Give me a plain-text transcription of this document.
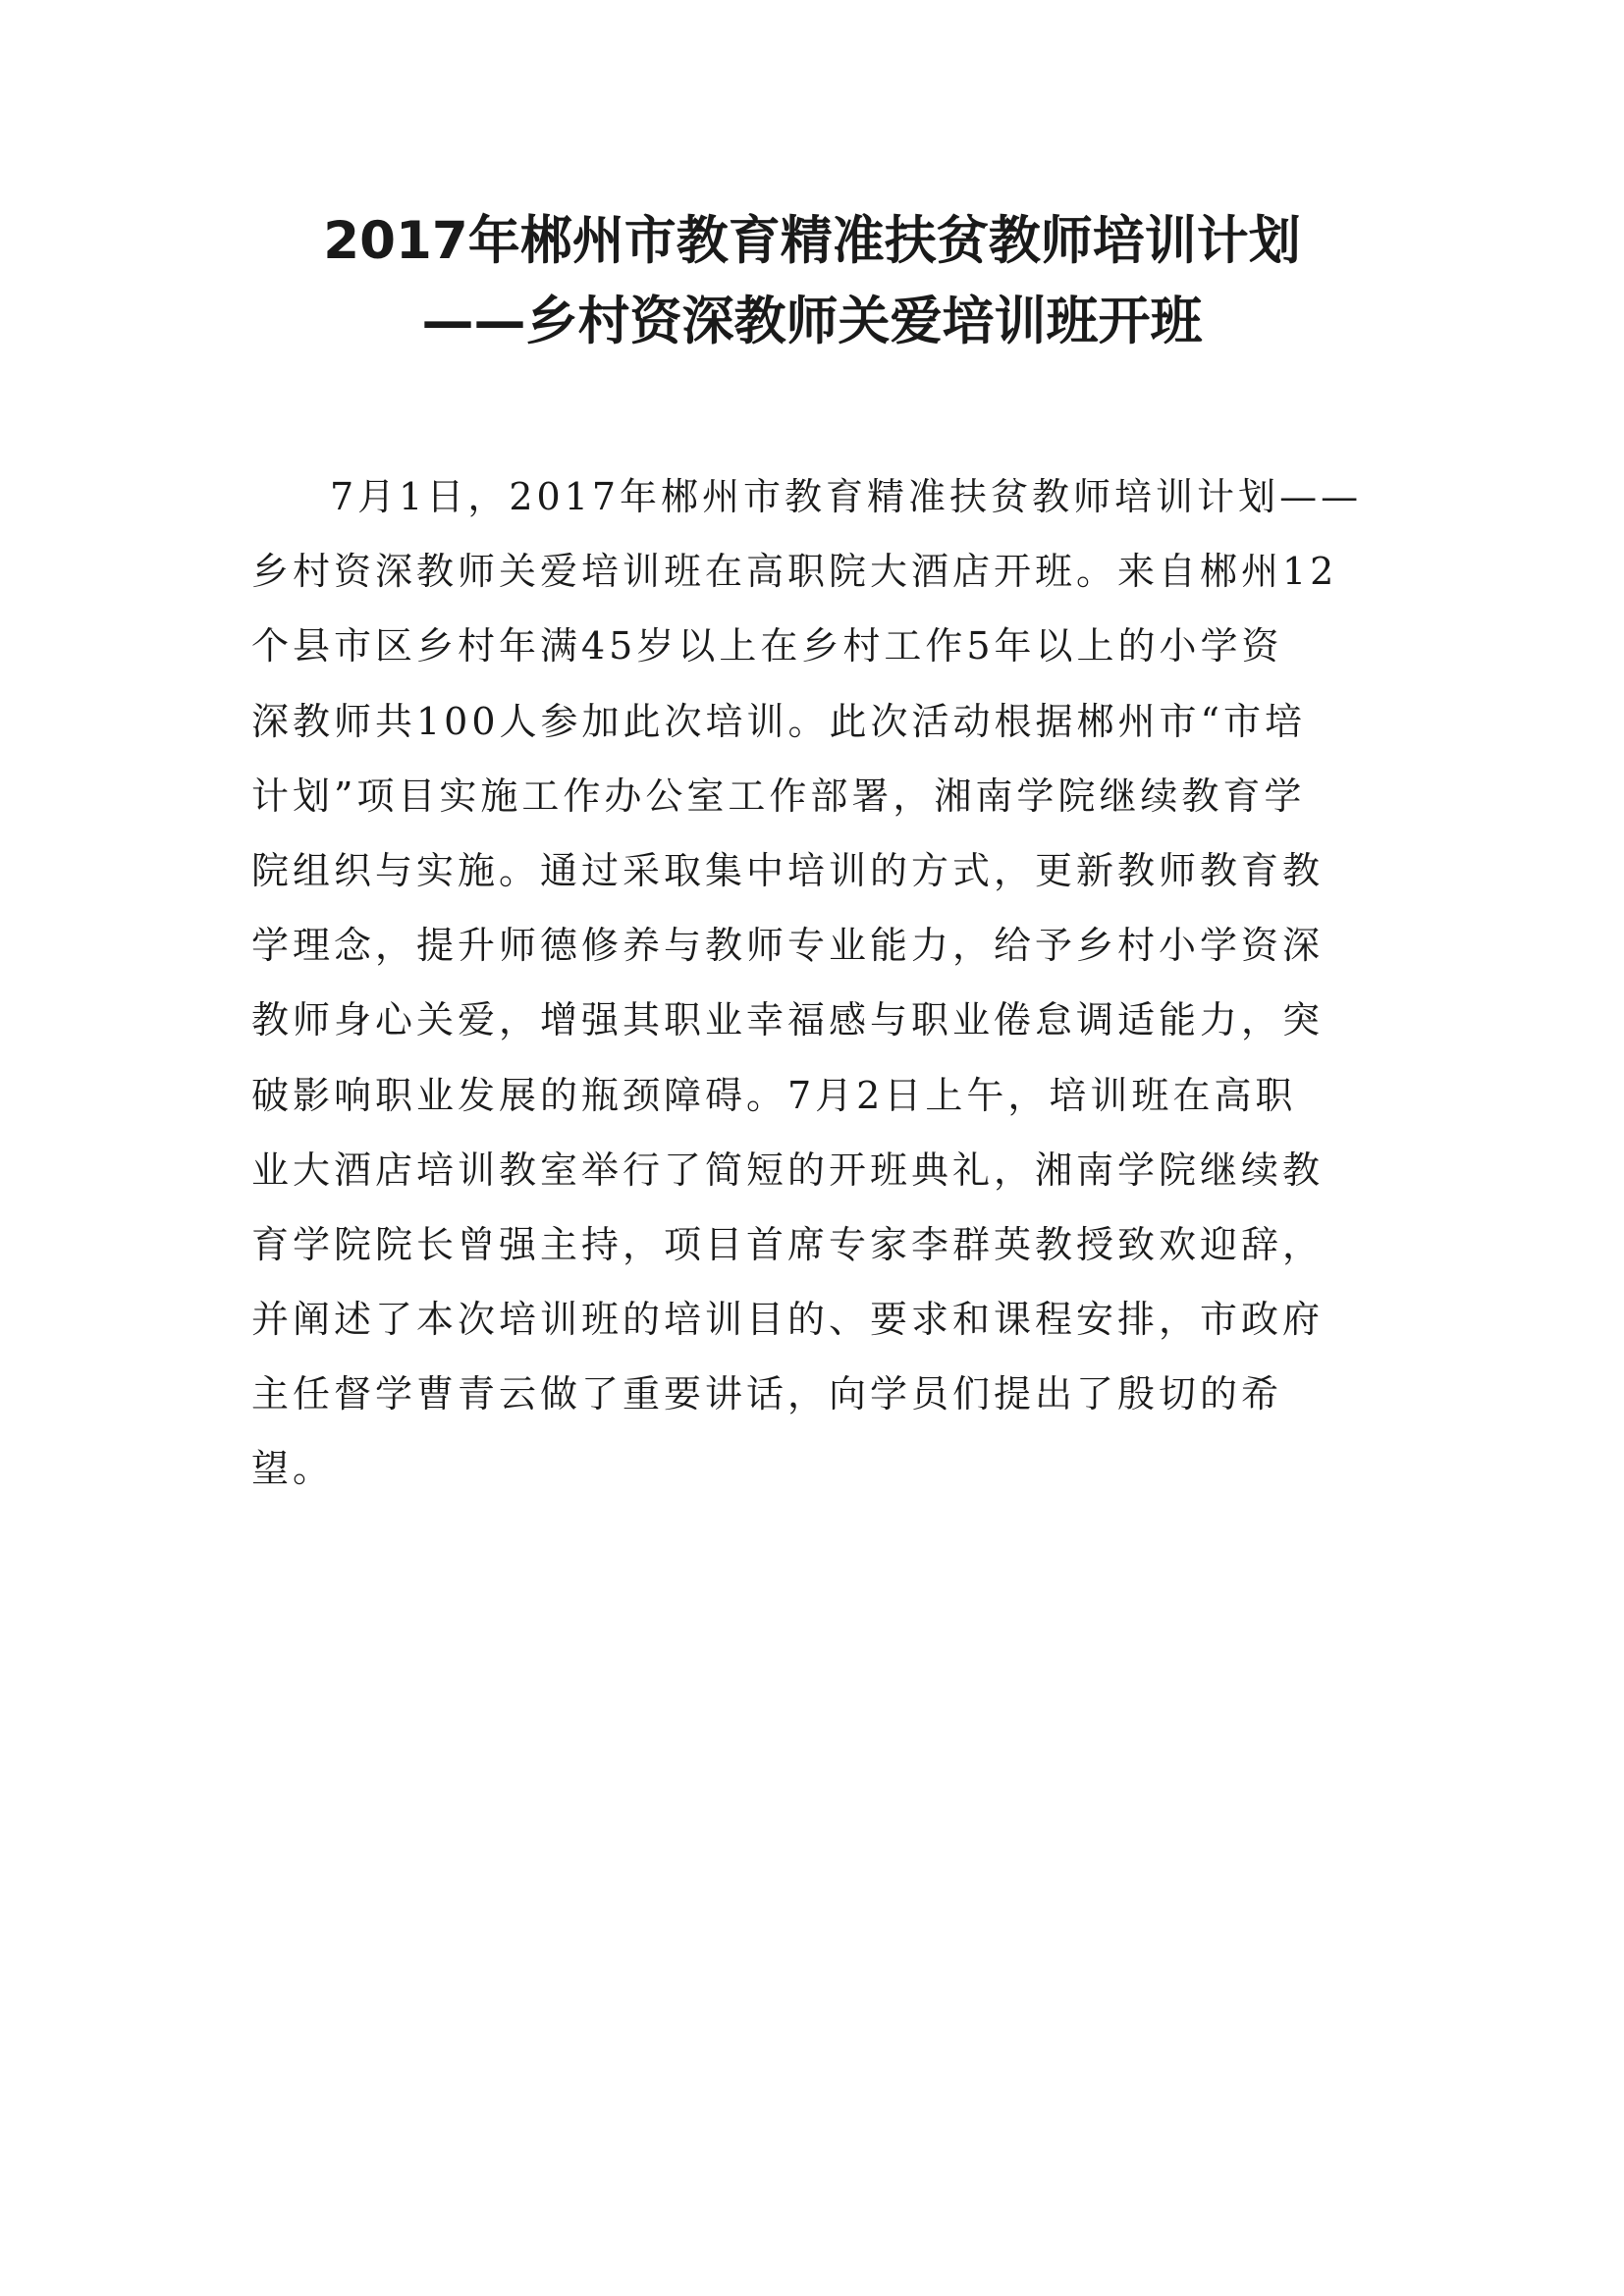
2017年郴州市教育精准扶贫教师培训计划
——乡村资深教师关爱培训班开班
7月1日，2017年郴州市教育精准扶贫教师培训计划——
乡村资深教师关爱培训班在高职院大酒店开班。来自郴州12
个县市区乡村年满45岁以上在乡村工作5年以上的小学资
深教师共100人参加此次培训。此次活动根据郴州市“市培
计划”项目实施工作办公室工作部署，湘南学院继续教育学
院组织与实施。通过采取集中培训的方式，更新教师教育教
学理念，提升师德修养与教师专业能力，给予乡村小学资深
教师身心关爱，增强其职业幸福感与职业倦怠调适能力，突
破影响职业发展的瓶颈障碍。7月2日上午，培训班在高职
业大酒店培训教室举行了简短的开班典礼，湘南学院继续教
育学院院长曾强主持，项目首席专家李群英教授致欢迎辞，
并阐述了本次培训班的培训目的、要求和课程安排，市政府
主任督学曹青云做了重要讲话，向学员们提出了殷切的希
望。
